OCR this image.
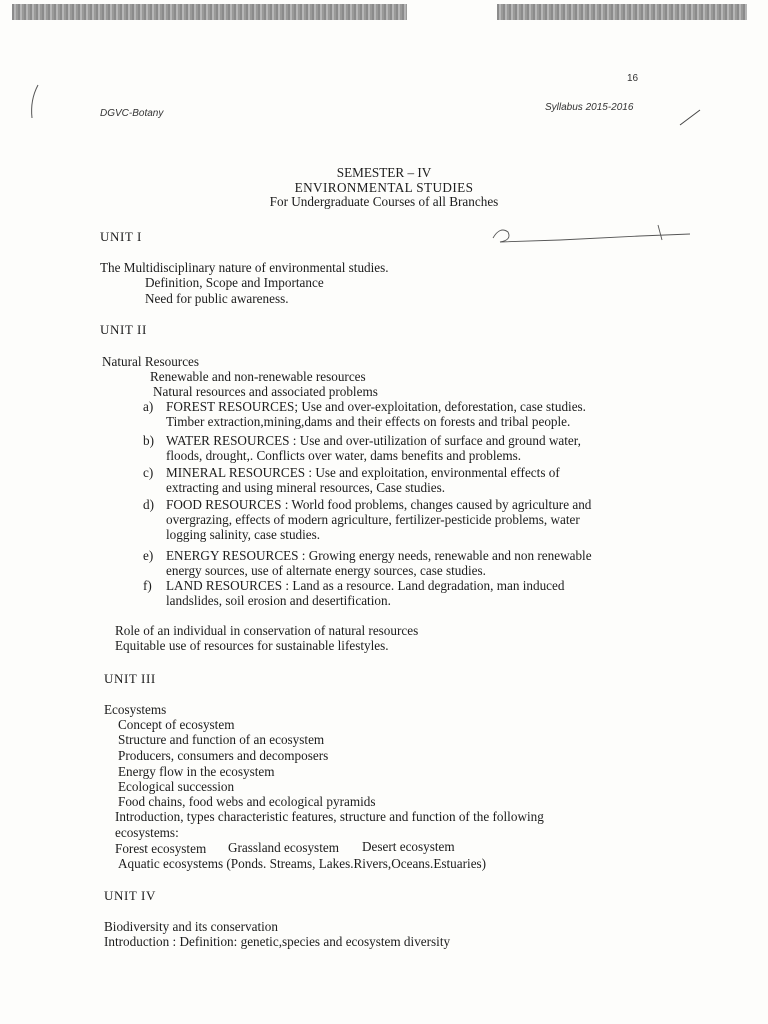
16
DGVC-Botany
Syllabus 2015-2016
SEMESTER – IV
ENVIRONMENTAL STUDIES
For Undergraduate Courses of all Branches
UNIT I
The Multidisciplinary nature of environmental studies.
Definition, Scope and Importance
Need for public awareness.
UNIT II
Natural Resources
Renewable and non-renewable resources
Natural resources and associated problems
a) FOREST RESOURCES; Use and over-exploitation, deforestation, case studies.
Timber extraction,mining,dams and their effects on forests and tribal people.
b) WATER RESOURCES : Use and over-utilization of surface and ground water,
floods, drought,. Conflicts over water, dams benefits and problems.
c) MINERAL RESOURCES : Use and exploitation, environmental effects of
extracting and using mineral resources, Case studies.
d) FOOD RESOURCES : World food problems, changes caused by agriculture and
overgrazing, effects of modern agriculture, fertilizer-pesticide problems, water
logging salinity, case studies.
e) ENERGY RESOURCES : Growing energy needs, renewable and non renewable
energy sources, use of alternate energy sources, case studies.
f) LAND RESOURCES : Land as a resource. Land degradation, man induced
landslides, soil erosion and desertification.
Role of an individual in conservation of natural resources
Equitable use of resources for sustainable lifestyles.
UNIT III
Ecosystems
Concept of ecosystem
Structure and function of an ecosystem
Producers, consumers and decomposers
Energy flow in the ecosystem
Ecological succession
Food chains, food webs and ecological pyramids
Introduction, types characteristic features, structure and function of the following
ecosystems:
Forest ecosystem Grassland ecosystem Desert ecosystem
Aquatic ecosystems (Ponds. Streams, Lakes.Rivers,Oceans.Estuaries)
UNIT IV
Biodiversity and its conservation
Introduction : Definition: genetic,species and ecosystem diversity
